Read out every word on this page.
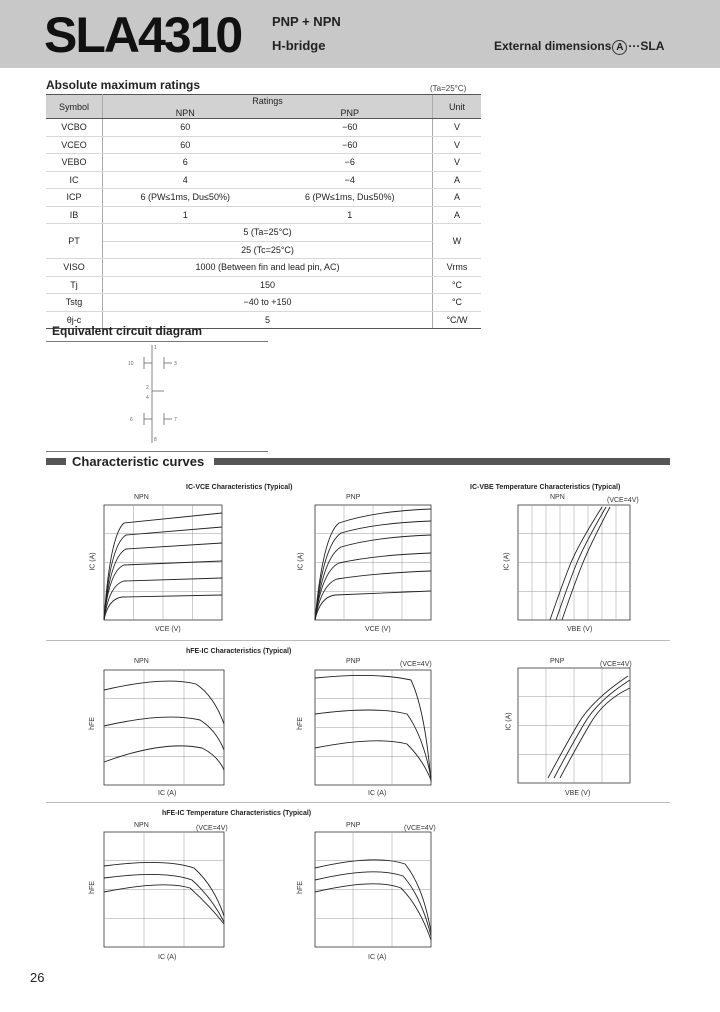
SLA4310 PNP + NPN
H-bridge	External dimensions A ···SLA
Absolute maximum ratings	(Ta=25°C)
Symbol	Ratings		Unit
	NPN	PNP	
VCBO	60	−60	V
VCEO	60	−60	V
VEBO	6	−6	V
IC	4	−4	A
ICP	6 (PW≤1ms, Du≤50%)	6 (PW≤1ms, Du≤50%)	A
IB	1	1	A
PT	5 (Ta=25°C)		W
	25 (Tc=25°C)		
VISO	1000 (Between fin and lead pin, AC)		Vrms
Tj	150		°C
Tstg	−40 to +150		°C
θj-c	5		°C/W
Equivalent circuit diagram
1
10	3
2
4
6	7
8
Characteristic curves
IC-VCE Characteristics (Typical)	IC-VBE Temperature Characteristics (Typical)
hFE-IC Characteristics (Typical)
hFE-IC Temperature Characteristics (Typical)
NPN	PNP	NPN	(VCE=4V)
NPN	PNP	(VCE=4V)	PNP	(VCE=4V)
NPN	(VCE=4V)	PNP	(VCE=4V)
VCE (V)	VCE (V)	VBE (V)
IC (A)	IC (A)	VBE (V)
IC (A)	IC (A)
IC (A)	IC (A)	IC (A)
hFE	hFE	IC (A)
hFE	hFE
26
